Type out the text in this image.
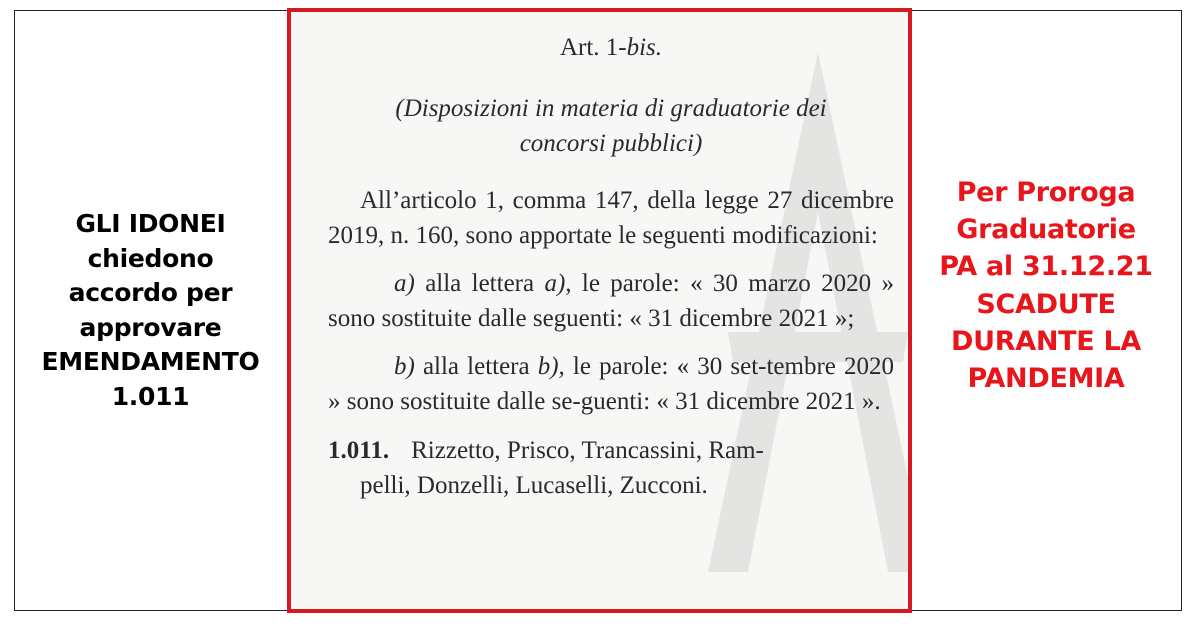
GLI IDONEI
chiedono
accordo per
approvare
EMENDAMENTO
1.011

Art. 1-bis.

(Disposizioni in materia di graduatorie dei
concorsi pubblici)

All’articolo 1, comma 147, della legge 27 dicembre 2019, n. 160, sono apportate le seguenti modificazioni:

a) alla lettera a), le parole: « 30 marzo 2020 » sono sostituite dalle seguenti: « 31 dicembre 2021 »;

b) alla lettera b), le parole: « 30 set-tembre 2020 » sono sostituite dalle se-guenti: « 31 dicembre 2021 ».

1.011. Rizzetto, Prisco, Trancassini, Ram-
pelli, Donzelli, Lucaselli, Zucconi.

Per Proroga
Graduatorie
PA al 31.12.21
SCADUTE
DURANTE LA
PANDEMIA
